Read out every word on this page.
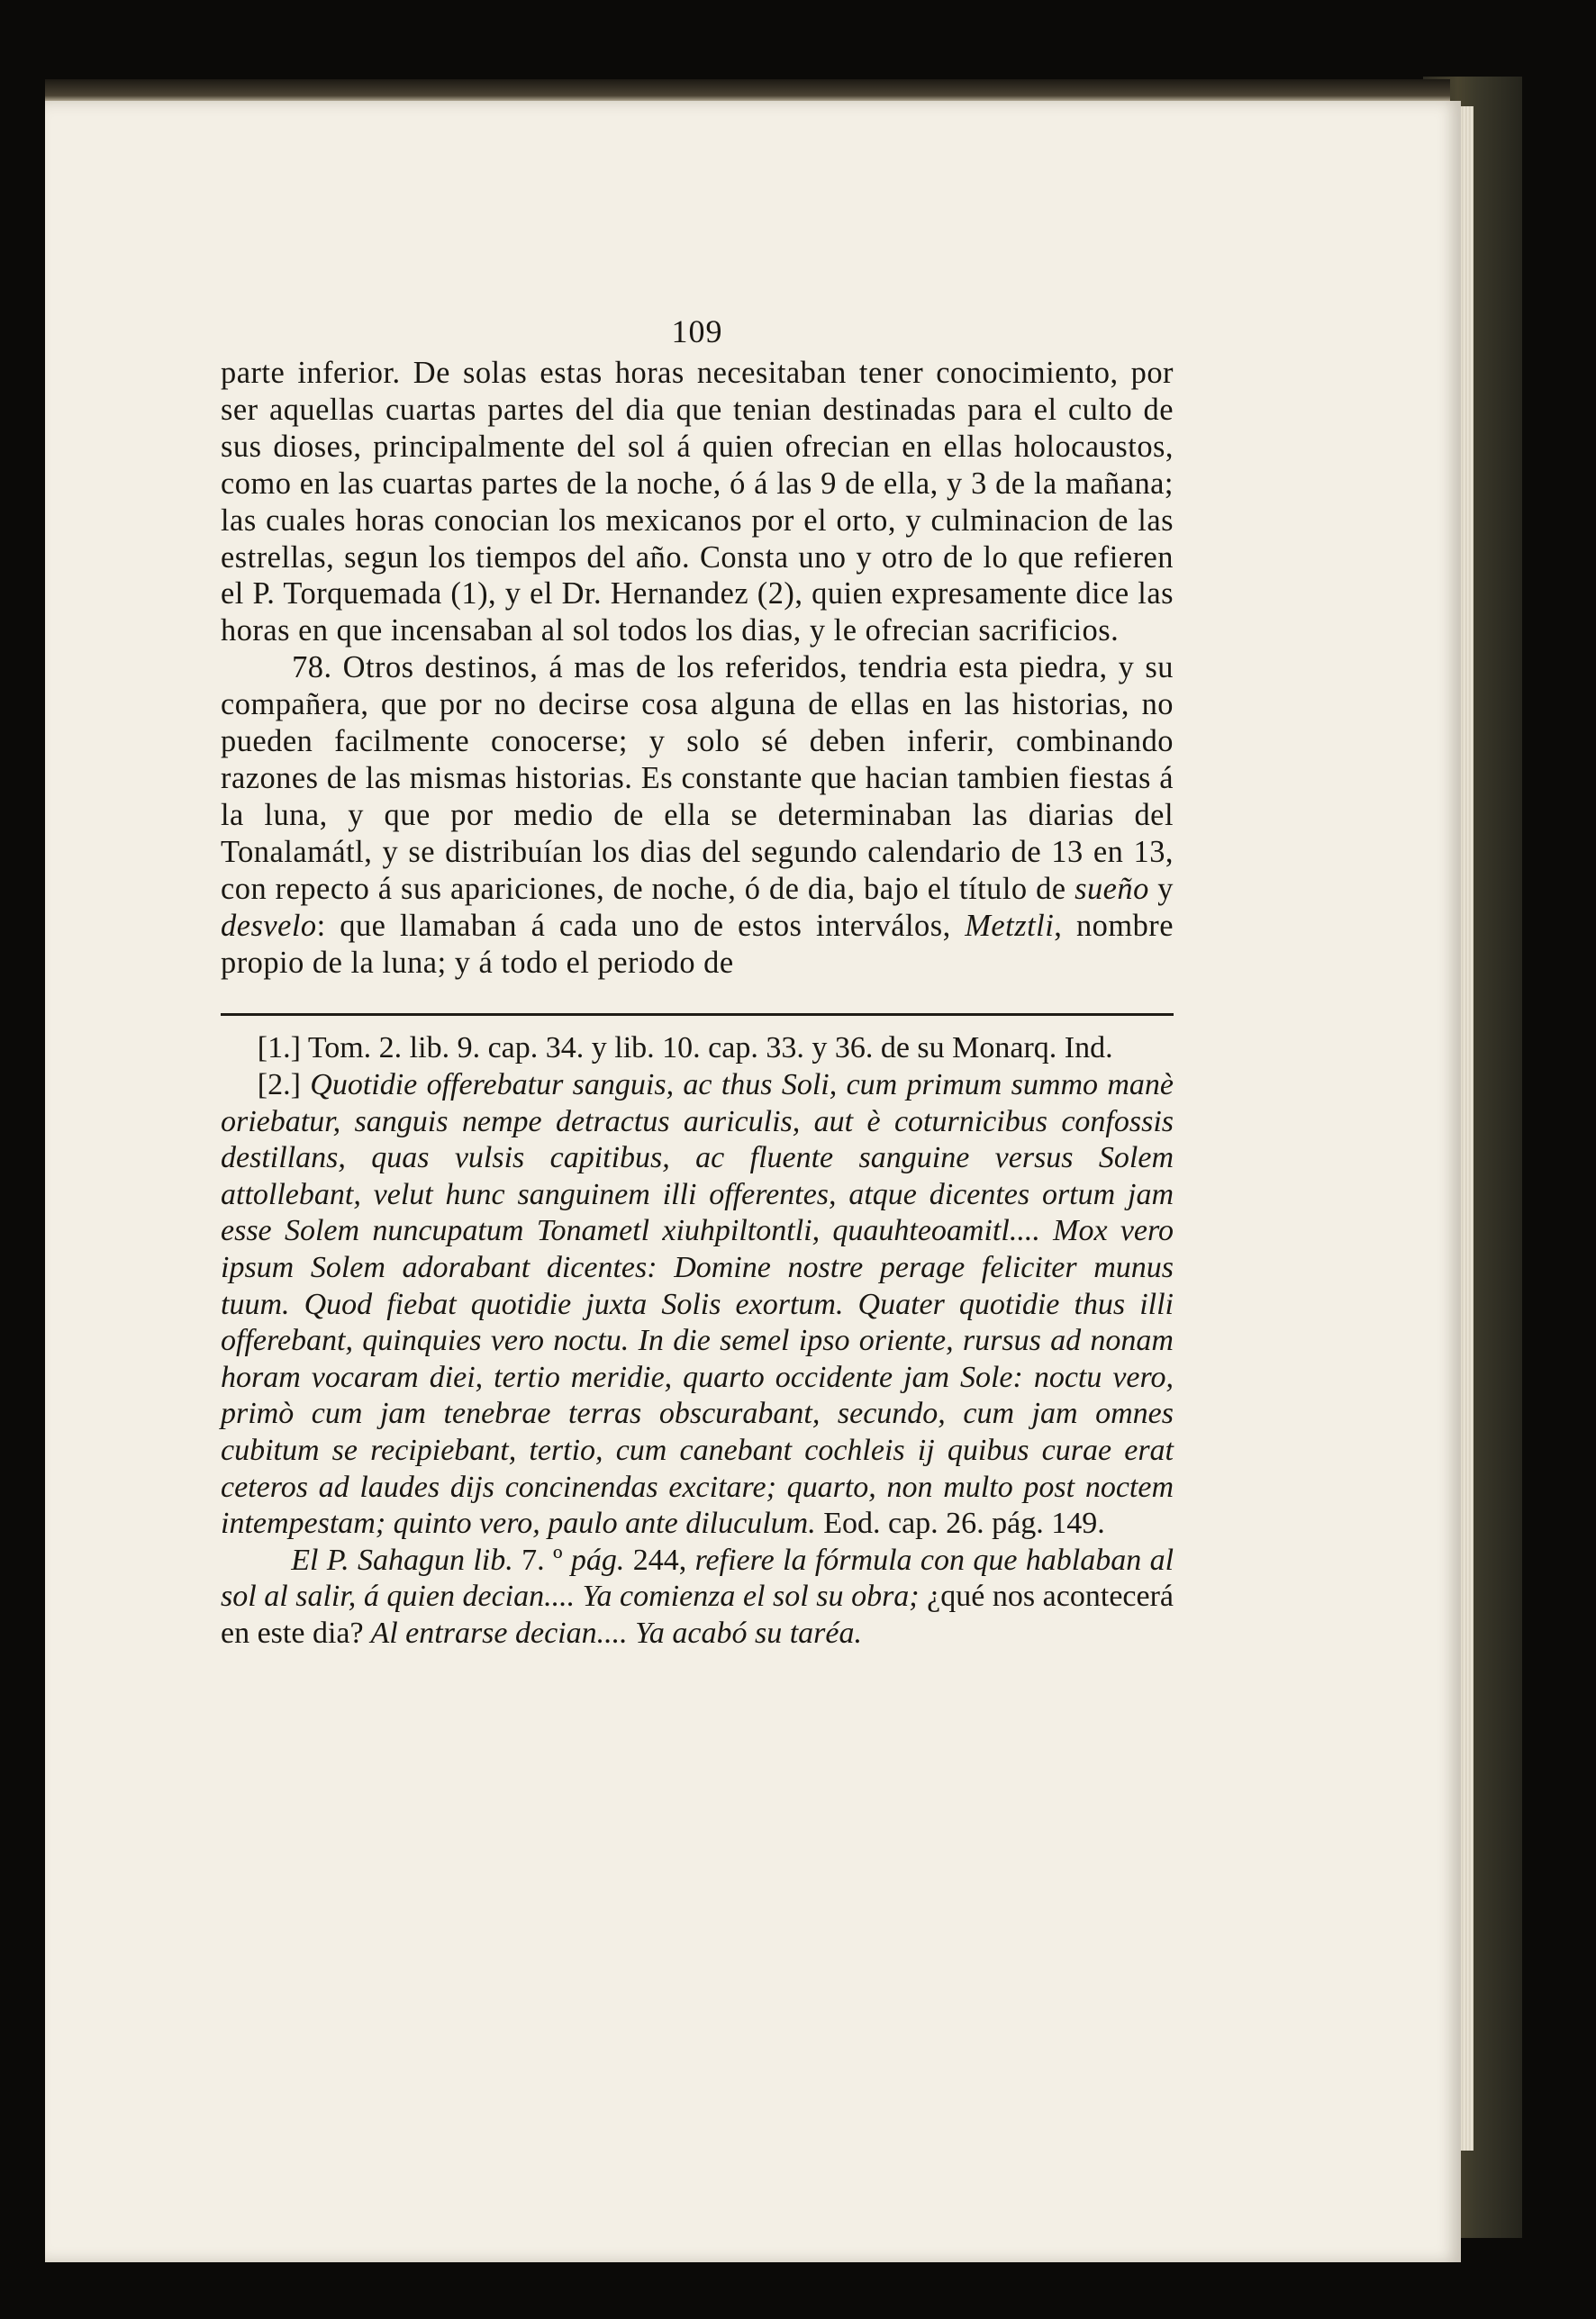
109

parte inferior. De solas estas horas necesitaban tener conocimiento, por ser aquellas cuartas partes del dia que tenian destinadas para el culto de sus dioses, principalmente del sol á quien ofrecian en ellas holocaustos, como en las cuartas partes de la noche, ó á las 9 de ella, y 3 de la mañana; las cuales horas conocian los mexicanos por el orto, y culminacion de las estrellas, segun los tiempos del año. Consta uno y otro de lo que refieren el P. Torquemada (1), y el Dr. Hernandez (2), quien expresamente dice las horas en que incensaban al sol todos los dias, y le ofrecian sacrificios.

78. Otros destinos, á mas de los referidos, tendria esta piedra, y su compañera, que por no decirse cosa alguna de ellas en las historias, no pueden facilmente conocerse; y solo sé deben inferir, combinando razones de las mismas historias. Es constante que hacian tambien fiestas á la luna, y que por medio de ella se determinaban las diarias del Tonalamátl, y se distribuían los dias del segundo calendario de 13 en 13, con repecto á sus apariciones, de noche, ó de dia, bajo el título de sueño y desvelo: que llamaban á cada uno de estos interválos, Metztli, nombre propio de la luna; y á todo el periodo de

[1.] Tom. 2. lib. 9. cap. 34. y lib. 10. cap. 33. y 36. de su Monarq. Ind.

[2.] Quotidie offerebatur sanguis, ac thus Soli, cum primum summo manè oriebatur, sanguis nempe detractus auriculis, aut è coturnicibus confossis destillans, quas vulsis capitibus, ac fluente sanguine versus Solem attollebant, velut hunc sanguinem illi offerentes, atque dicentes ortum jam esse Solem nuncupatum Tonametl xiuhpiltontli, quauhteoamitl.... Mox vero ipsum Solem adorabant dicentes: Domine nostre perage feliciter munus tuum. Quod fiebat quotidie juxta Solis exortum. Quater quotidie thus illi offerebant, quinquies vero noctu. In die semel ipso oriente, rursus ad nonam horam vocaram diei, tertio meridie, quarto occidente jam Sole: noctu vero, primò cum jam tenebrae terras obscurabant, secundo, cum jam omnes cubitum se recipiebant, tertio, cum canebant cochleis ij quibus curae erat ceteros ad laudes dijs concinendas excitare; quarto, non multo post noctem intempestam; quinto vero, paulo ante diluculum. Eod. cap. 26. pág. 149.

El P. Sahagun lib. 7. º pág. 244, refiere la fórmula con que hablaban al sol al salir, á quien decian.... Ya comienza el sol su obra; ¿qué nos acontecerá en este dia? Al entrarse decian.... Ya acabó su taréa.
